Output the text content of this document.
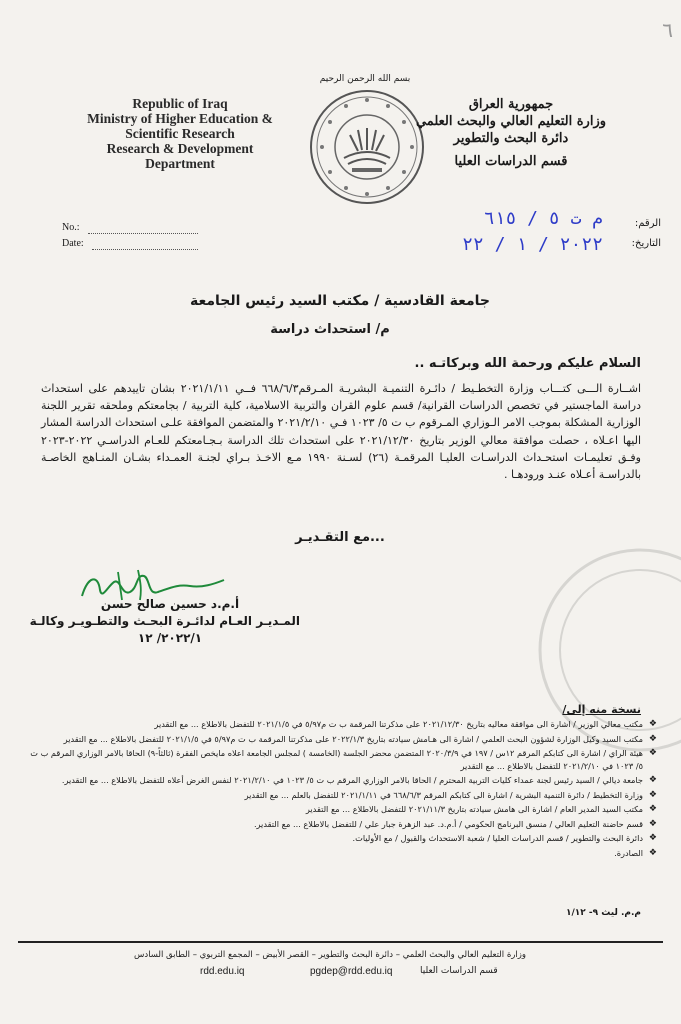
٦
Republic of Iraq
Ministry of Higher Education &
Scientific Research
Research & Development
Department
بسم الله الرحمن الرحيم
جمهورية العراق
وزارة التعليم العالي والبحث العلمي
دائرة البحث والتطوير
قسم الدراسات العليا
No.:
Date:
الرقم:
التاريخ:
م ت ٥ / ٦١٥
٢٠٢٢ / ١ / ٢٢
جامعة القادسية / مكتب السيد رئيس الجامعة
م/ استحداث دراسة
السلام عليكم ورحمة الله وبركاتـه ..
اشــارة الـــى كتـــاب وزارة التخطـيط / دائـرة التنميـة البشريـة المـرقم٦٦٨/٦/٣ فــي ٢٠٢١/١/١١ بشان تاييدهم على استحداث دراسة الماجستير في تخصص الدراسات القرانية/ قسم علوم القران والتربية الاسلامية، كلية التربية / بجامعتكم وملحقه تقرير اللجنة الوزارية المشكلة بموجب الامر الـوزاري المـرقوم ب ت ٥/ ١٠٢٣ فـي ٢٠٢١/٢/١٠ والمتضمن الموافقة علـى استحداث الدراسة المشار اليها اعـلاه ، حصلت موافقة معالي الوزير بتاريخ ٢٠٢١/١٢/٣٠ على استحداث تلك الدراسة بـجـامعتكم للعـام الدراسـي ٢٠٢٢-٢٠٢٣ وفـق تعليمـات استحـداث الدراسـات العليـا المرقمـة (٢٦) لسـنة ١٩٩٠ مـع الاخـذ بـراي لجنـة العمـداء بشـان المنـاهج الخاصـة بالدراسـة أعـلاه عنـد ورودهـا .
...مع التقـديـر
أ.م.د حسين صالح حسن
المـديـر العـام لدائـرة البحـث والتطـويـر وكالـة
٢٠٢٢/١/ ١٢
نسخة منه إلى/
❖ مكتب معالي الوزير / اشارة الى موافقة معاليه بتاريخ ٢٠٢١/١٢/٣٠ على مذكرتنا المرقمة ب ت م٥/٩٧ في ٢٠٢١/١/٥ للتفضل بالاطلاع ... مع التقدير
❖ مكتب السيد وكيل الوزارة لشؤون البحث العلمي / اشارة الى هـامش سيادته بتاريخ ٢٠٢٢/١/٣ على مذكرتنا المرقمة ب ت م٥/٩٧ في ٢٠٢١/١/٥ للتفضل بالاطلاع ... مع التقدير
❖ هيئة الراي / اشارة الى كتابكم المرقم ١٢س / ١٩٧ في ٢٠٢٠/٣/٩ المتضمن محضر الجلسة (الخامسة ) لمجلس الجامعة اعلاه مايخص الفقرة (ثالثاً-٩) الحاقا بالامر الوزاري المرقم ب ت ٥/ ١٠٢٣ في ٢٠٢١/٢/١٠ للتفضل بالاطلاع ... مع التقدير
❖ جامعة ديالي / السيد رئيس لجنة عمداء كليات التربية المحترم / الحاقا بالامر الوزاري المرقم ب ت ٥/ ١٠٢٣ في ٢٠٢١/٢/١٠ لنفس الغرض أعلاه للتفضل بالاطلاع ... مع التقدير.
❖ وزارة التخطيط / دائرة التنمية البشرية / اشارة الى كتابكم المرقم ٦٦٨/٦/٣ في ٢٠٢١/١/١١ للتفضل بالعلم ... مع التقدير
❖ مكتب السيد المدير العام / اشارة الى هامش سيادته بتاريخ ٢٠٢١/١١/٣ للتفضل بالاطلاع ... مع التقدير
❖ قسم حاضنة التعليم العالي / منسق البرنامج الحكومي / أ.م.د. عبد الزهرة جبار علي / للتفضل بالاطلاع ... مع التقدير.
❖ دائرة البحث والتطوير / قسم الدراسات العليا / شعبة الاستحداث والقبول / مع الأوليات.
❖ الصادرة.
م.م. ليث ٩- ١/١٢
وزارة التعليم العالي والبحث العلمي – دائرة البحث والتطوير – القصر الأبيض – المجمع التربوي – الطابق السادس
rdd.edu.iq	pgdep@rdd.edu.iq	قسم الدراسات العليا
